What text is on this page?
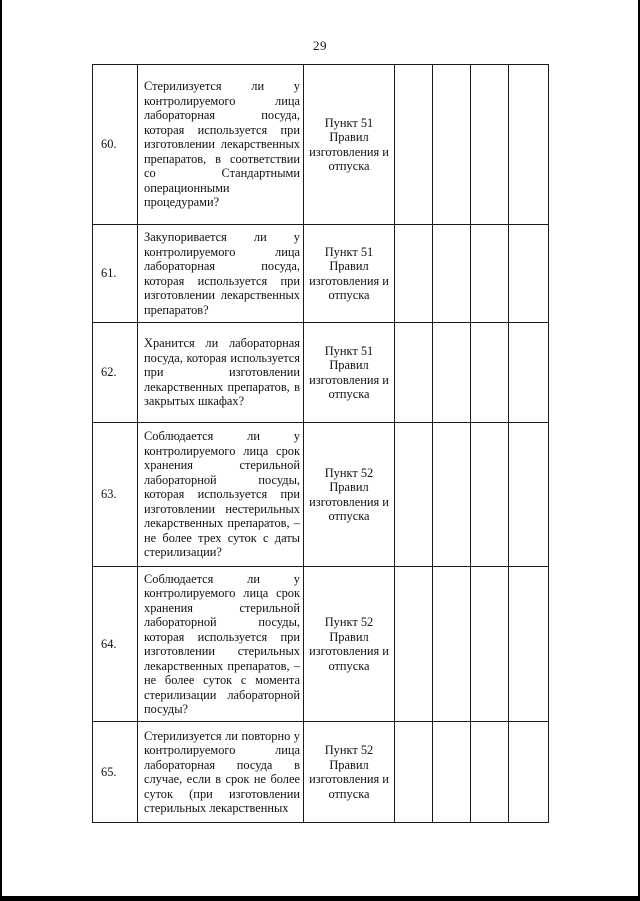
29
60.	Стерилизуется ли у контролируемого лица лабораторная посуда, которая используется при изготовлении лекарственных препаратов, в соответствии со Стандартными операционными процедурами?	Пункт 51 Правил изготовления и отпуска				
61.	Закупоривается ли у контролируемого лица лабораторная посуда, которая используется при изготовлении лекарственных препаратов?	Пункт 51 Правил изготовления и отпуска				
62.	Хранится ли лабораторная посуда, которая используется при изготовлении лекарственных препаратов, в закрытых шкафах?	Пункт 51 Правил изготовления и отпуска				
63.	Соблюдается ли у контролируемого лица срок хранения стерильной лабораторной посуды, которая используется при изготовлении нестерильных лекарственных препаратов, – не более трех суток с даты стерилизации?	Пункт 52 Правил изготовления и отпуска				
64.	Соблюдается ли у контролируемого лица срок хранения стерильной лабораторной посуды, которая используется при изготовлении стерильных лекарственных препаратов, – не более суток с момента стерилизации лабораторной посуды?	Пункт 52 Правил изготовления и отпуска				
65.	Стерилизуется ли повторно у контролируемого лица лабораторная посуда в случае, если в срок не более суток (при изготовлении стерильных лекарственных	Пункт 52 Правил изготовления и отпуска				
